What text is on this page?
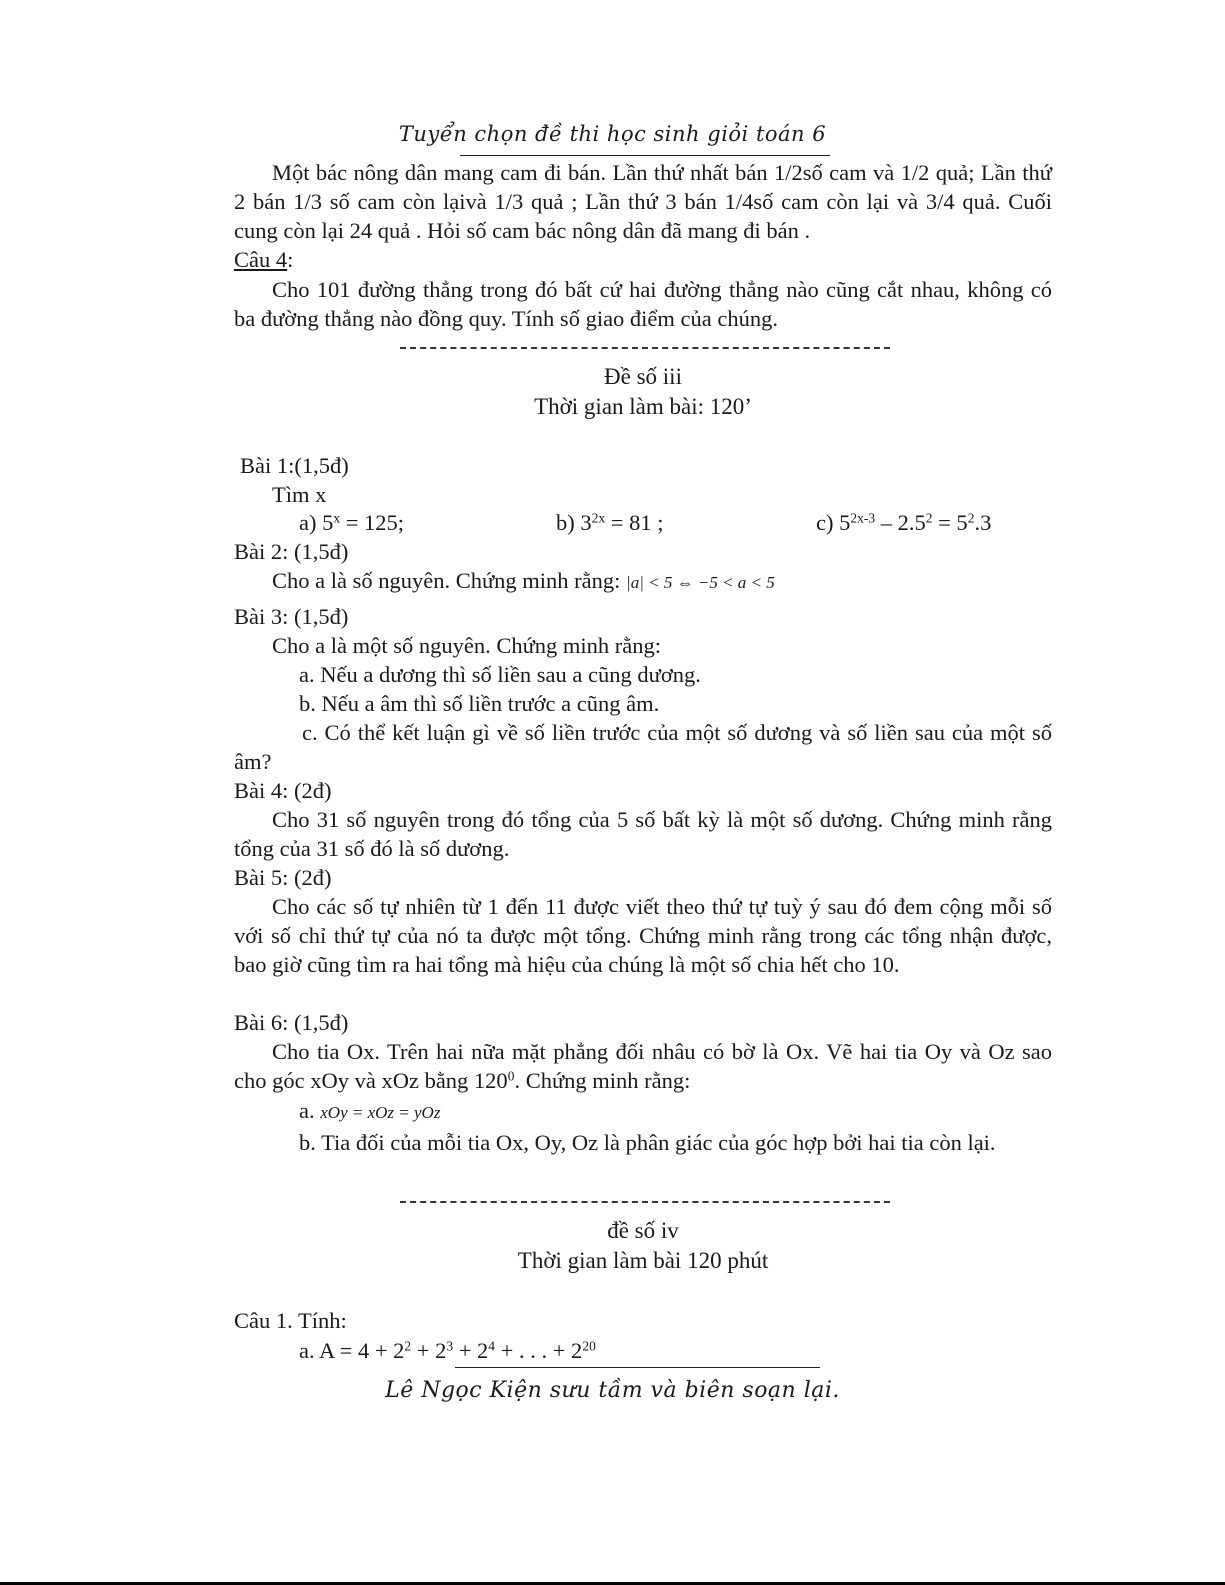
Tuyển chọn đề thi học sinh giỏi toán 6
Một bác nông dân mang cam đi bán. Lần thứ nhất bán 1/2số cam và 1/2 quả; Lần thứ 2 bán 1/3 số cam còn lạivà 1/3 quả ; Lần thứ 3 bán 1/4số cam còn lại và 3/4 quả. Cuối cung còn lại 24 quả . Hỏi số cam bác nông dân đã mang đi bán .
Câu 4:
Cho 101 đường thẳng trong đó bất cứ hai đường thẳng nào cũng cắt nhau, không có ba đường thẳng nào đồng quy. Tính số giao điểm của chúng.
Đề số iii
Thời gian làm bài: 120’
Bài 1:(1,5đ)
Tìm x
a) $5^x = 125$;	b) $3^{2x} = 81$ ;	c) $5^{2x-3} - 2.5^2 = 5^2.3$
Bài 2: (1,5đ)
Cho a là số nguyên. Chứng minh rằng: |a| < 5 ⇔ −5 < a < 5
Bài 3: (1,5đ)
Cho a là một số nguyên. Chứng minh rằng:
a. Nếu a dương thì số liền sau a cũng dương.
b. Nếu a âm thì số liền trước a cũng âm.
c. Có thể kết luận gì về số liền trước của một số dương và số liền sau của một số âm?
Bài 4: (2đ)
Cho 31 số nguyên trong đó tổng của 5 số bất kỳ là một số dương. Chứng minh rằng tổng của 31 số đó là số dương.
Bài 5: (2đ)
Cho các số tự nhiên từ 1 đến 11 được viết theo thứ tự tuỳ ý sau đó đem cộng mỗi số với số chỉ thứ tự của nó ta được một tổng. Chứng minh rằng trong các tổng nhận được, bao giờ cũng tìm ra hai tổng mà hiệu của chúng là một số chia hết cho 10.
Bài 6: (1,5đ)
Cho tia Ox. Trên hai nữa mặt phẳng đối nhâu có bờ là Ox. Vẽ hai tia Oy và Oz sao cho góc xOy và xOz bằng $120^0$. Chứng minh rằng:
a. xOy = xOz = yOz
b. Tia đối của mỗi tia Ox, Oy, Oz là phân giác của góc hợp bởi hai tia còn lại.
đề số iv
Thời gian làm bài 120 phút
Câu 1. Tính:
a. $A = 4 + 2^2 + 2^3 + 2^4$ + . . . + $2^{20}$
Lê Ngọc Kiện sưu tầm và biên soạn lại.
